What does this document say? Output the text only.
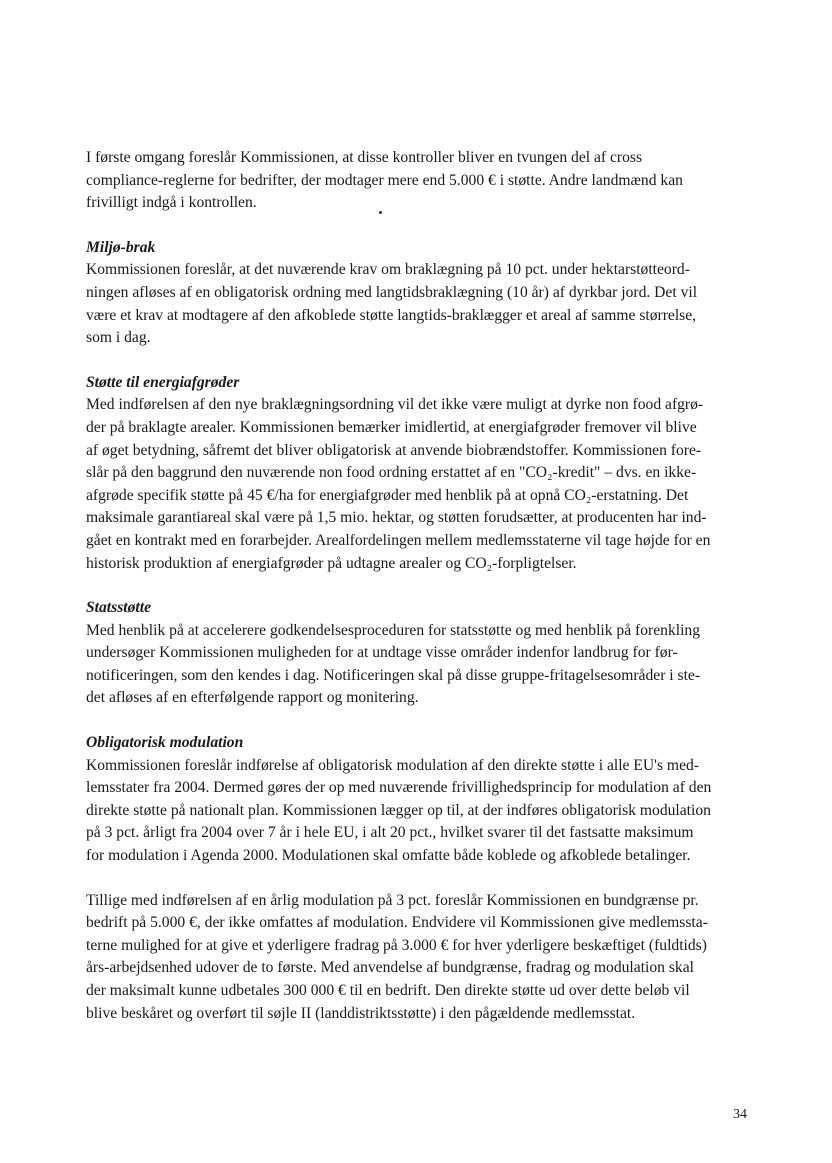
I første omgang foreslår Kommissionen, at disse kontroller bliver en tvungen del af cross
compliance-reglerne for bedrifter, der modtager mere end 5.000 € i støtte. Andre landmænd kan
frivilligt indgå i kontrollen.

Miljø-brak

Kommissionen foreslår, at det nuværende krav om braklægning på 10 pct. under hektarstøtteord-
ningen afløses af en obligatorisk ordning med langtidsbraklægning (10 år) af dyrkbar jord. Det vil
være et krav at modtagere af den afkoblede støtte langtids-braklægger et areal af samme størrelse,
som i dag.

Støtte til energiafgrøder

Med indførelsen af den nye braklægningsordning vil det ikke være muligt at dyrke non food afgrø-
der på braklagte arealer. Kommissionen bemærker imidlertid, at energiafgrøder fremover vil blive
af øget betydning, såfremt det bliver obligatorisk at anvende biobrændstoffer. Kommissionen fore-
slår på den baggrund den nuværende non food ordning erstattet af en "CO₂-kredit" – dvs. en ikke-
afgrøde specifik støtte på 45 €/ha for energiafgrøder med henblik på at opnå CO₂-erstatning. Det
maksimale garantiareal skal være på 1,5 mio. hektar, og støtten forudsætter, at producenten har ind-
gået en kontrakt med en forarbejder. Arealfordelingen mellem medlemsstaterne vil tage højde for en
historisk produktion af energiafgrøder på udtagne arealer og CO₂-forpligtelser.

Statsstøtte

Med henblik på at accelerere godkendelsesproceduren for statsstøtte og med henblik på forenkling
undersøger Kommissionen muligheden for at undtage visse områder indenfor landbrug for før-
notificeringen, som den kendes i dag. Notificeringen skal på disse gruppe-fritagelsesområder i ste-
det afløses af en efterfølgende rapport og monitering.

Obligatorisk modulation

Kommissionen foreslår indførelse af obligatorisk modulation af den direkte støtte i alle EU's med-
lemsstater fra 2004. Dermed gøres der op med nuværende frivillighedsprincip for modulation af den
direkte støtte på nationalt plan. Kommissionen lægger op til, at der indføres obligatorisk modulation
på 3 pct. årligt fra 2004 over 7 år i hele EU, i alt 20 pct., hvilket svarer til det fastsatte maksimum
for modulation i Agenda 2000. Modulationen skal omfatte både koblede og afkoblede betalinger.
Tillige med indførelsen af en årlig modulation på 3 pct. foreslår Kommissionen en bundgrænse pr.
bedrift på 5.000 €, der ikke omfattes af modulation. Endvidere vil Kommissionen give medlemssta-
terne mulighed for at give et yderligere fradrag på 3.000 € for hver yderligere beskæftiget (fuldtids)
års-arbejdsenhed udover de to første. Med anvendelse af bundgrænse, fradrag og modulation skal
der maksimalt kunne udbetales 300 000 € til en bedrift. Den direkte støtte ud over dette beløb vil
blive beskåret og overført til søjle II (landdistriktsstøtte) i den pågældende medlemsstat.
34
